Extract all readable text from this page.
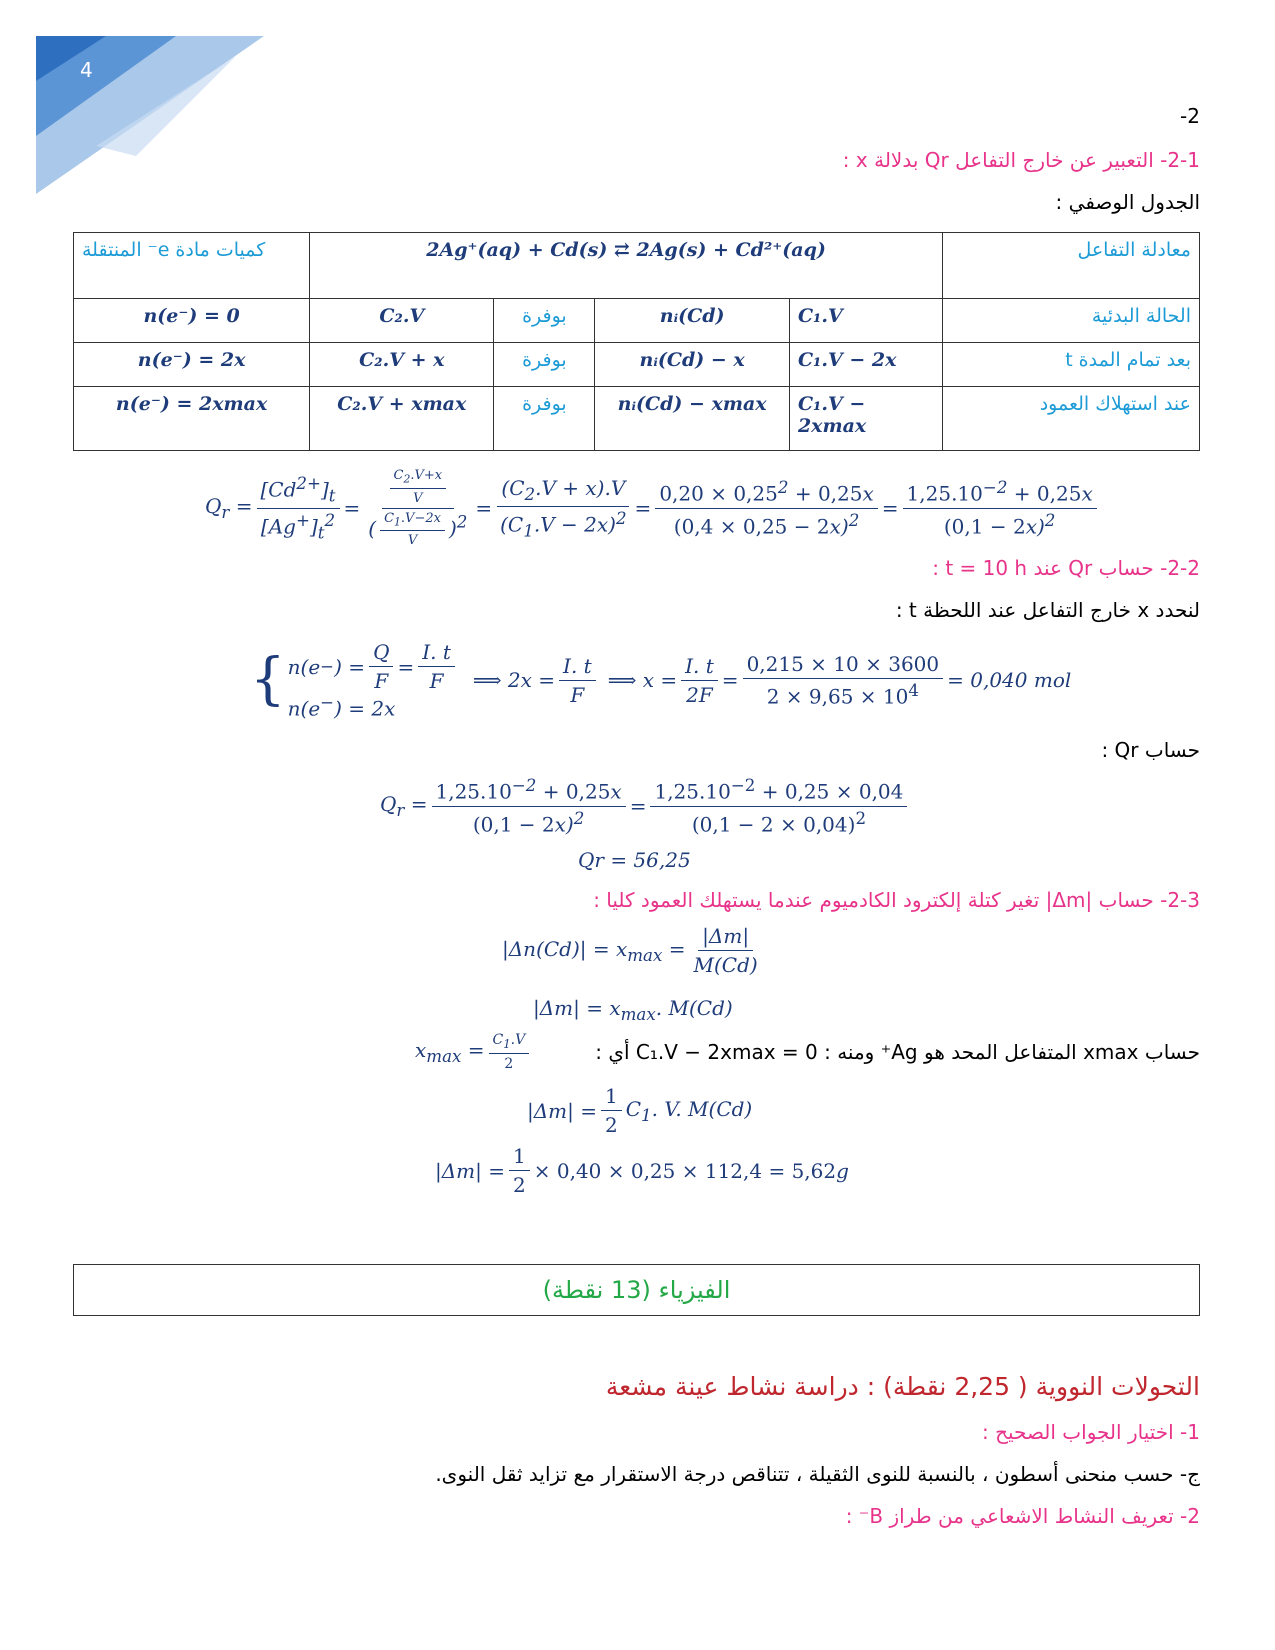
4
-2
2-1- التعبير عن خارج التفاعل Qr بدلالة x :
الجدول الوصفي :
كميات مادة e⁻ المنتقلة	2Ag⁺(aq) + Cd(s) ⇄ 2Ag(s) + Cd²⁺(aq)				معادلة التفاعل
n(e⁻) = 0	C₂.V	بوفرة	nᵢ(Cd)	C₁.V	الحالة البدئية
n(e⁻) = 2x	C₂.V + x	بوفرة	nᵢ(Cd) − x	C₁.V − 2x	بعد تمام المدة t
n(e⁻) = 2xmax	C₂.V + xmax	بوفرة	nᵢ(Cd) − xmax	C₁.V − 2xmax	عند استهلاك العمود
$Q_r = \frac{[Cd^{2+}]_t}{[Ag^+]_t^2} = \frac{\frac{C_2.V+x}{V}}{( \frac{C_1.V-2x}{V} )^2} = \frac{(C_2.V + x).V}{(C_1.V - 2x)^2} = \frac{0,20 \times 0,25^2 + 0,25x}{(0,4 \times 0,25 - 2x)^2} = \frac{1,25.10^{-2} + 0,25x}{(0,1 - 2x)^2}$
2-2- حساب Qr عند t = 10 h :
لنحدد x خارج التفاعل عند اللحظة t :
{ n(e − ) = $\frac{Q}{F} = \frac{I. t}{F}$
n(e−) = 2x
⟹ $2x = \frac{I. t}{F}$ ⟹ $x = \frac{I. t}{2F} = \frac{0,215 \times 10 \times 3600}{2 \times 9,65 \times 10^4} = 0,040$ mol
حساب Qr :
$Q_r = \frac{1,25.10^{-2} + 0,25x}{(0,1 - 2x)^2} = \frac{1,25.10^{-2} + 0,25 \times 0,04}{(0,1 - 2 \times 0,04)^2}$
Qr = 56,25
2-3- حساب |Δm| تغير كتلة إلكترود الكادميوم عندما يستهلك العمود كليا :
$|\Delta n(Cd)| = x_{max} = \frac{|\Delta m|}{M(Cd)}$
$|\Delta m| = x_{max}$. M(Cd)
حساب xmax المتفاعل المحد هو Ag⁺ ومنه : C₁.V − 2xmax = 0 أي :
$x_{max} = \frac{C_1.V}{2}$
$|\Delta m| = \frac{1}{2} C_1$. V. M(Cd)
$|\Delta m| = \frac{1}{2} \times 0,40 \times 0,25 \times 112,4 = 5,62$ g
الفيزياء (13 نقطة)
التحولات النووية ( 2,25 نقطة) : دراسة نشاط عينة مشعة
1- اختيار الجواب الصحيح :
ج- حسب منحنى أسطون ، بالنسبة للنوى الثقيلة ، تتناقص درجة الاستقرار مع تزايد ثقل النوى.
2- تعريف النشاط الاشعاعي من طراز B⁻ :
